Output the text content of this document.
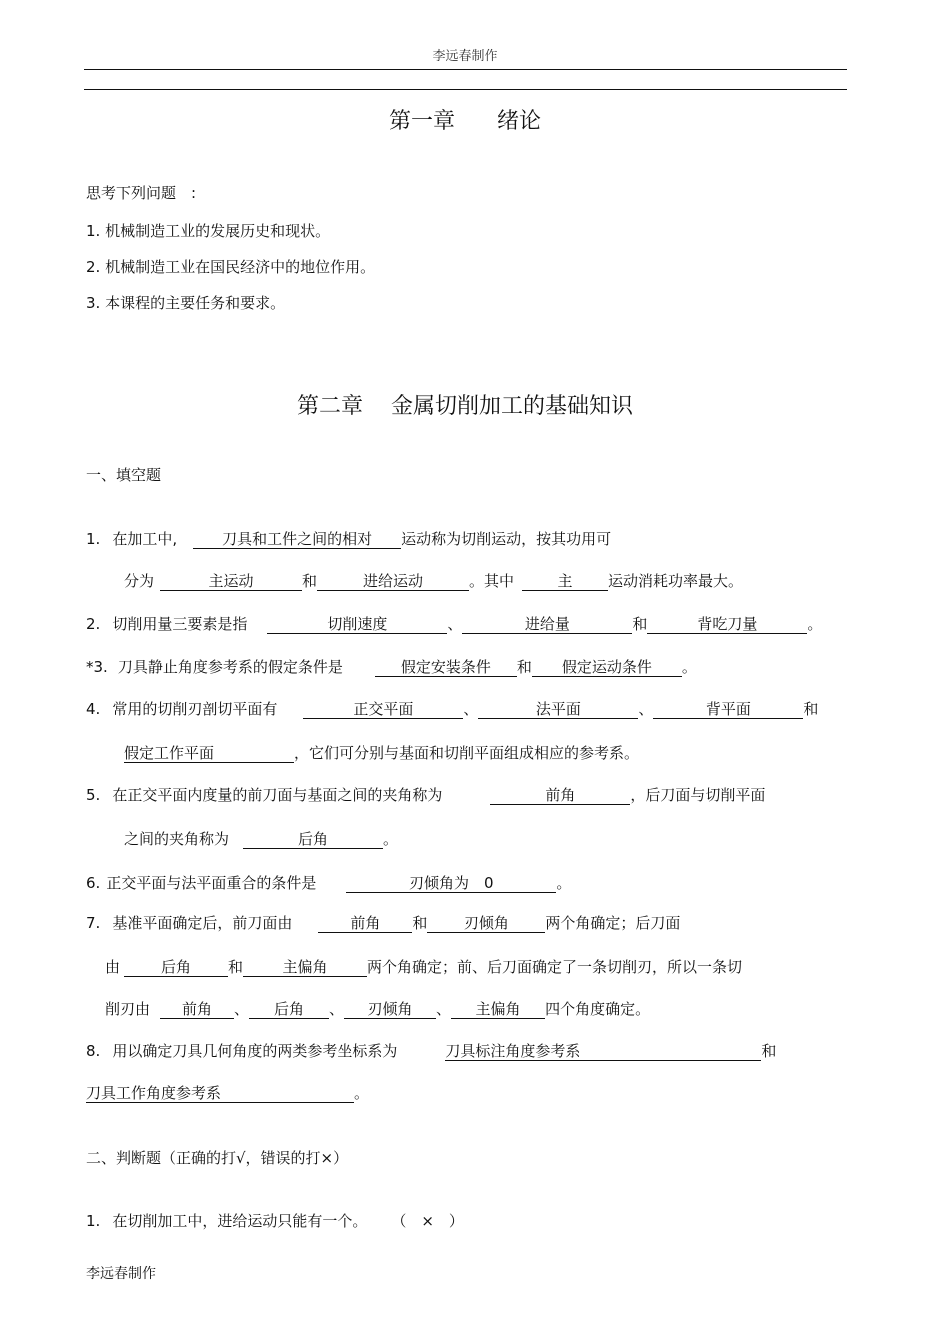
李远春制作
第一章 绪论
思考下列问题　:
1. 机械制造工业的发展历史和现状。
2. 机械制造工业在国民经济中的地位作用。
3. 本课程的主要任务和要求。
第二章 金属切削加工的基础知识
一、填空题
1. 在加工中,	刀具和工件之间的相对 运动称为切削运动，按其功用可
分为	主运动	和	进给运动	。其中	主 运动消耗功率最大。
2. 切削用量三要素是指	切削速度	、	进给量	和	背吃刀量	。
*3. 刀具静止角度参考系的假定条件是	假定安装条件 和 假定运动条件 。
4. 常用的切削刃剖切平面有	正交平面	、	法平面	、	背平面	和
假定工作平面	，它们可分别与基面和切削平面组成相应的参考系。
5. 在正交平面内度量的前刀面与基面之间的夹角称为	前角	，后刀面与切削平面
之间的夹角称为	后角	。
6. 正交平面与法平面重合的条件是	刃倾角为　0	。
7. 基准平面确定后，前刀面由	前角 和 刃倾角 两个角确定；后刀面
由	后角 和	主偏角	两个角确定；前、后刀面确定了一条切削刃，所以一条切
削刃由 前角 、 后角 、 刃倾角 、 主偏角 四个角度确定。
8. 用以确定刀具几何角度的两类参考坐标系为	刀具标注角度参考系	和
刀具工作角度参考系	。
二、判断题（正确的打√，错误的打×）
1. 在切削加工中，进给运动只能有一个。 （　×　）
李远春制作
